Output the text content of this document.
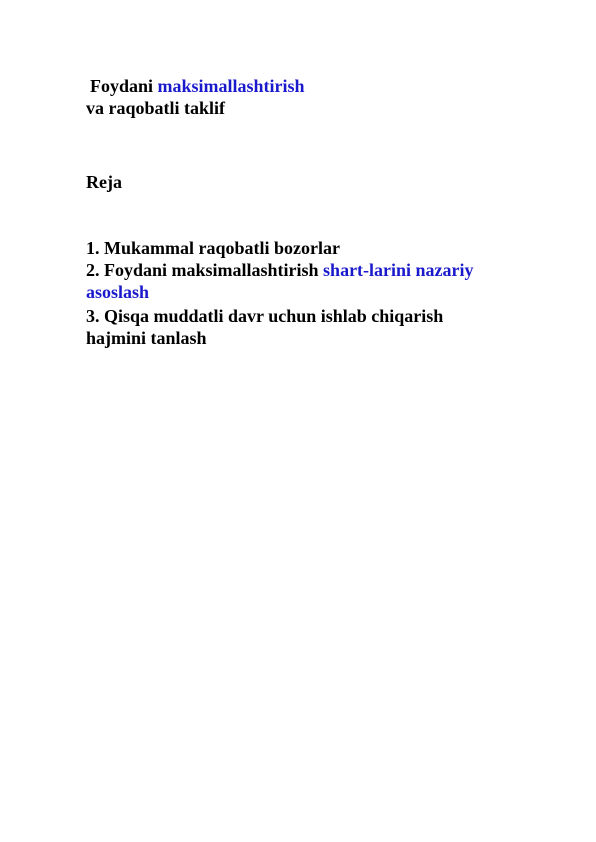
Foydani maksimallashtirish
va raqobatli taklif
Reja
1. Mukammal raqobatli bozorlar
2. Foydani maksimallashtirish shart-larini nazariy
asoslash
3. Qisqa muddatli davr uchun ishlab chiqarish
hajmini tanlash
